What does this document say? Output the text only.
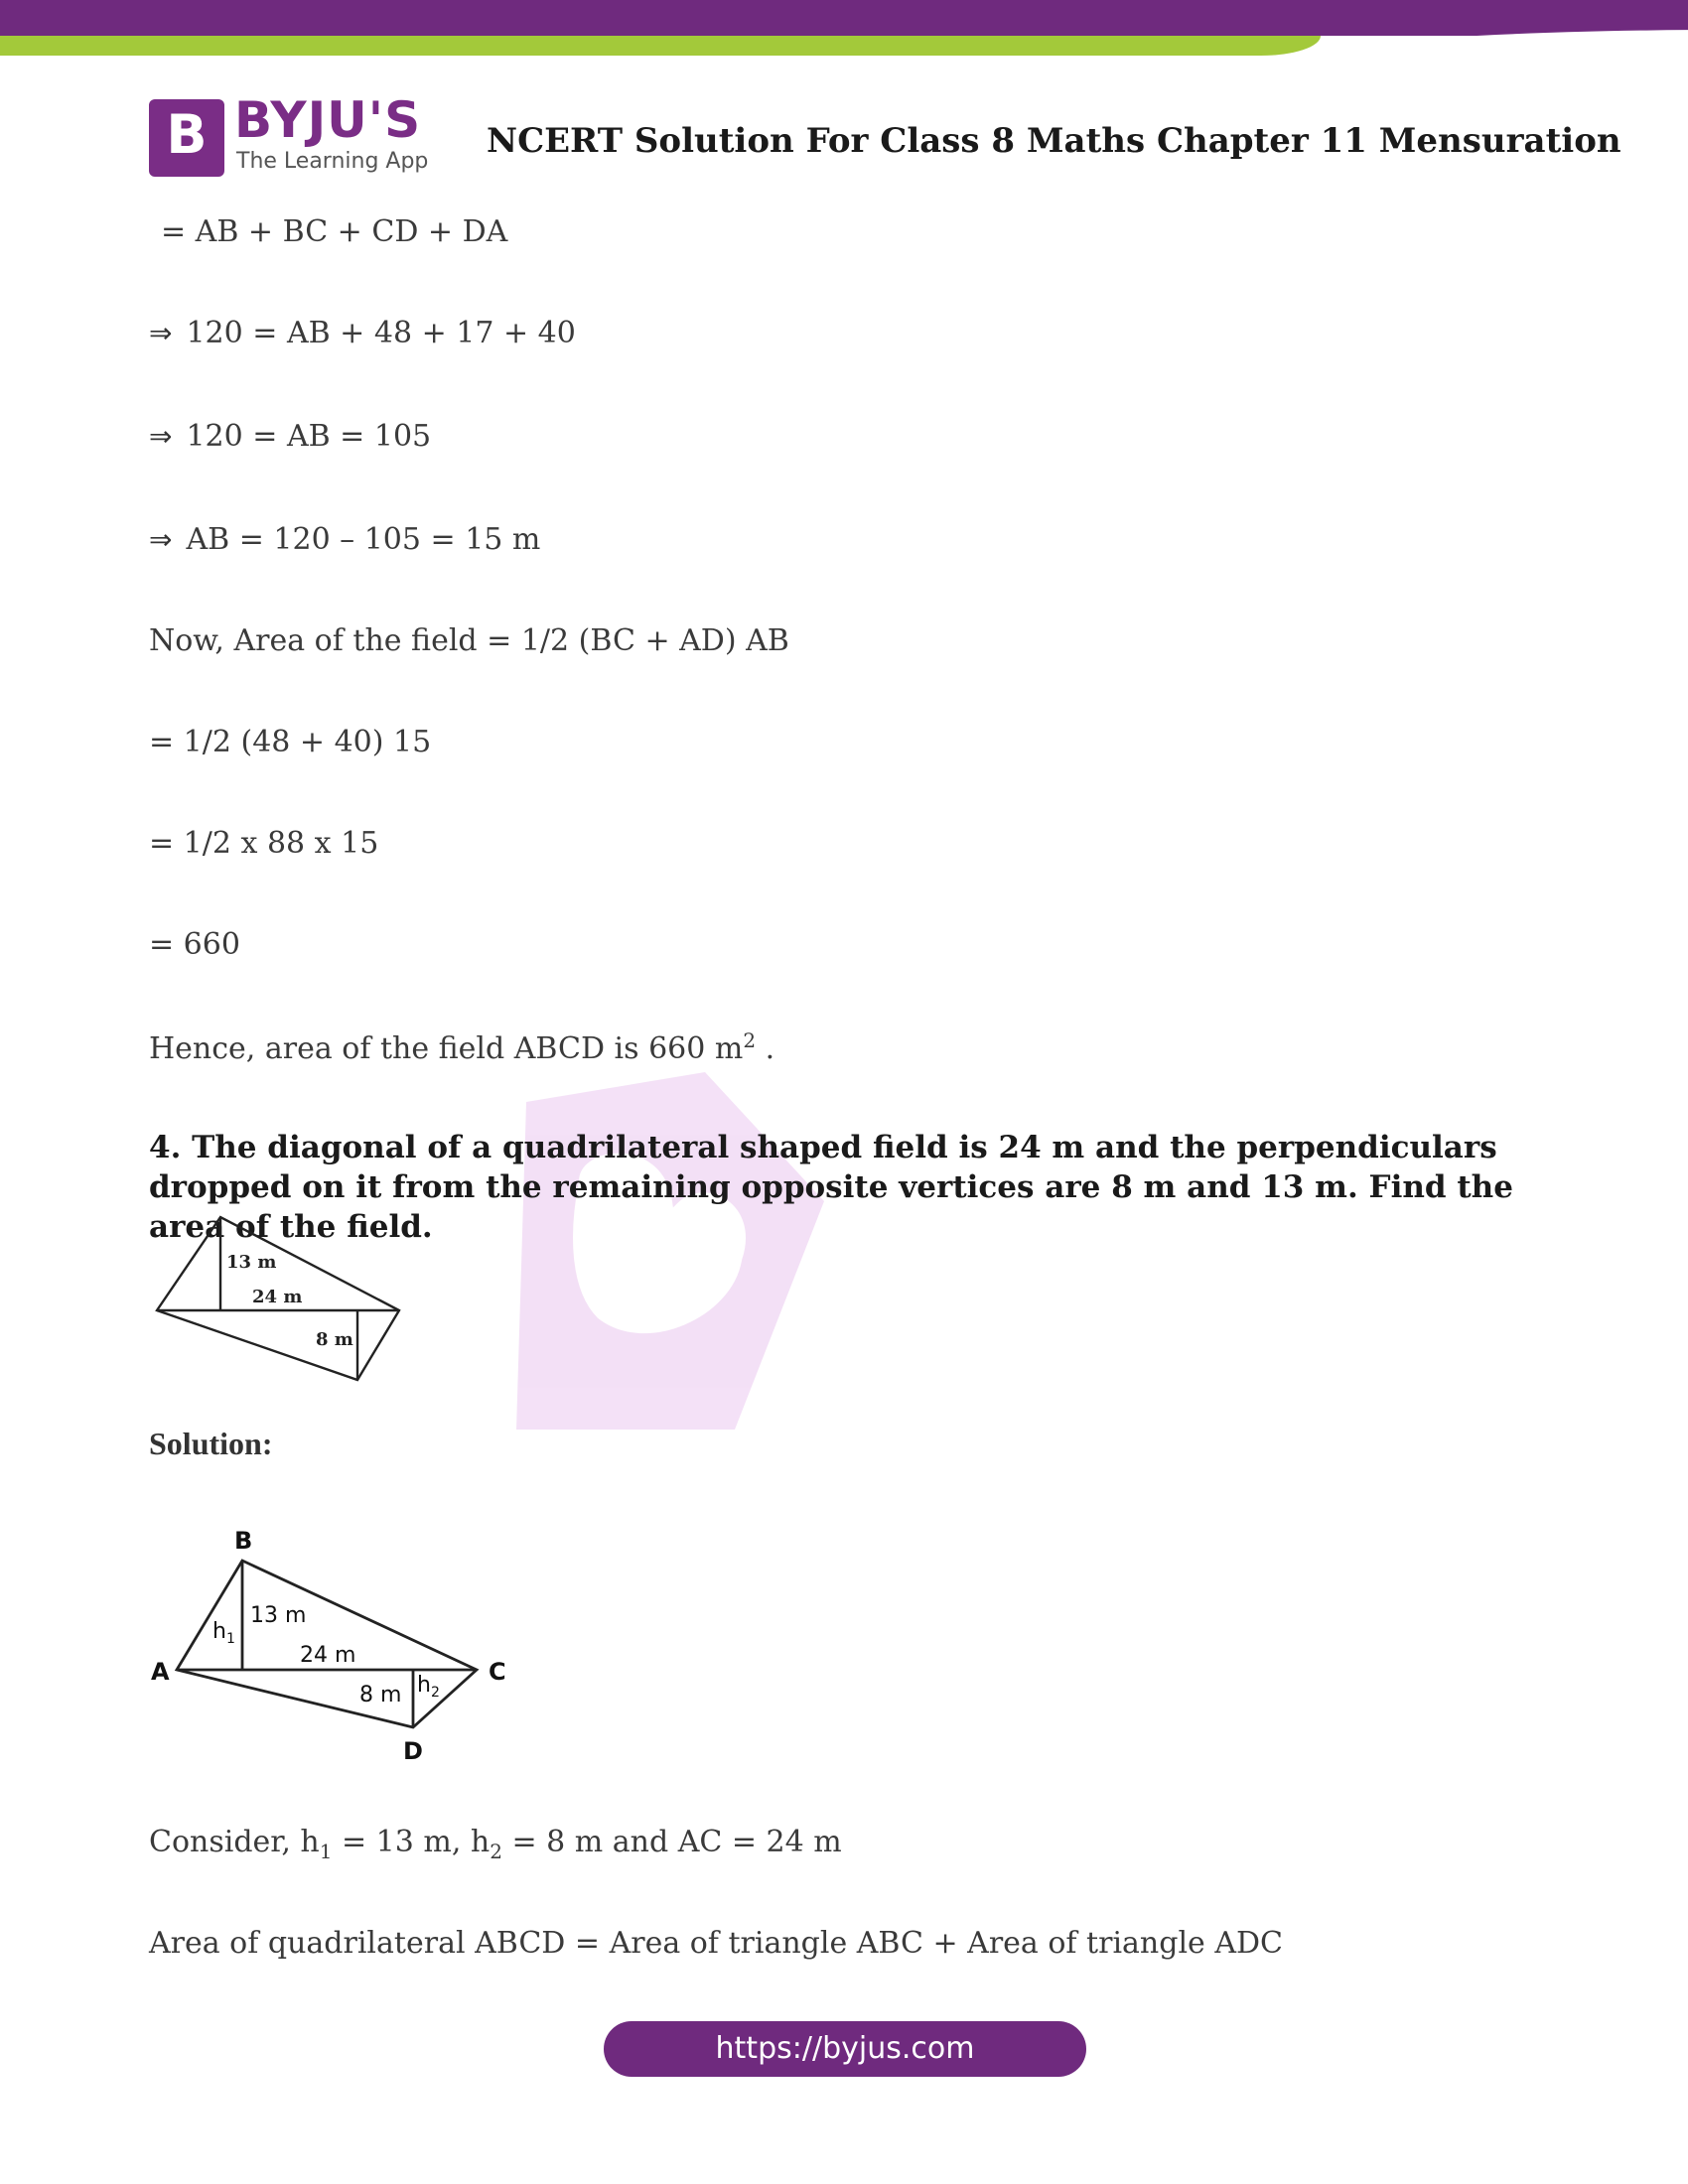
B BYJU'S
The Learning App
NCERT Solution For Class 8 Maths Chapter 11 Mensuration
= AB + BC + CD + DA
⇒ 120 = AB + 48 + 17 + 40
⇒ 120 = AB = 105
⇒ AB = 120 – 105 = 15 m
Now, Area of the field = 1/2 (BC + AD) AB
= 1/2 (48 + 40) 15
= 1/2 x 88 x 15
= 660
Hence, area of the field ABCD is 660 $m^2$ .
4. The diagonal of a quadrilateral shaped field is 24 m and the perpendiculars dropped on it from the remaining opposite vertices are 8 m and 13 m. Find the area of the field.
13 m
24 m
8 m
Solution:
B
A	C
D
13 m
24 m
8 m
$h_1$
$h_2$
Consider, $h_1 = 13$ m, $h_2 = 8$ m and AC = 24 m
Area of quadrilateral ABCD = Area of triangle ABC + Area of triangle ADC
https://byjus.com
